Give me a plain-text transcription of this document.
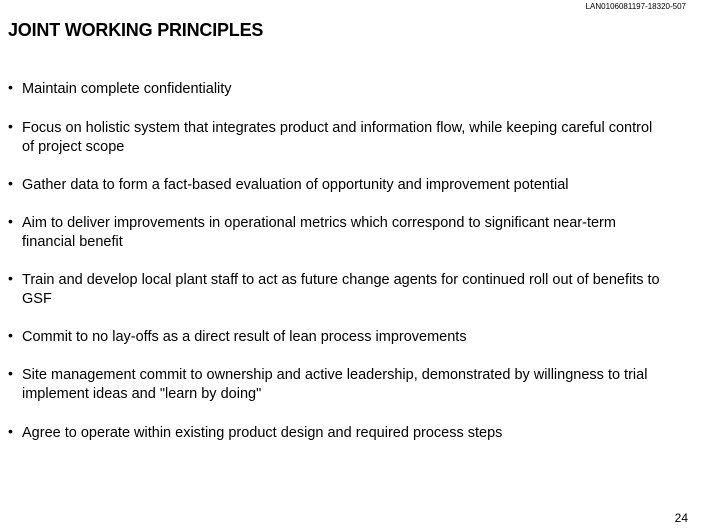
LAN0106081197-18320-507
JOINT WORKING PRINCIPLES
• Maintain complete confidentiality
• Focus on holistic system that integrates product and information flow, while keeping careful control of project scope
• Gather data to form a fact-based evaluation of opportunity and improvement potential
• Aim to deliver improvements in operational metrics which correspond to significant near-term financial benefit
• Train and develop local plant staff to act as future change agents for continued roll out of benefits to GSF
• Commit to no lay-offs as a direct result of lean process improvements
• Site management commit to ownership and active leadership, demonstrated by willingness to trial implement ideas and "learn by doing"
• Agree to operate within existing product design and required process steps
24
